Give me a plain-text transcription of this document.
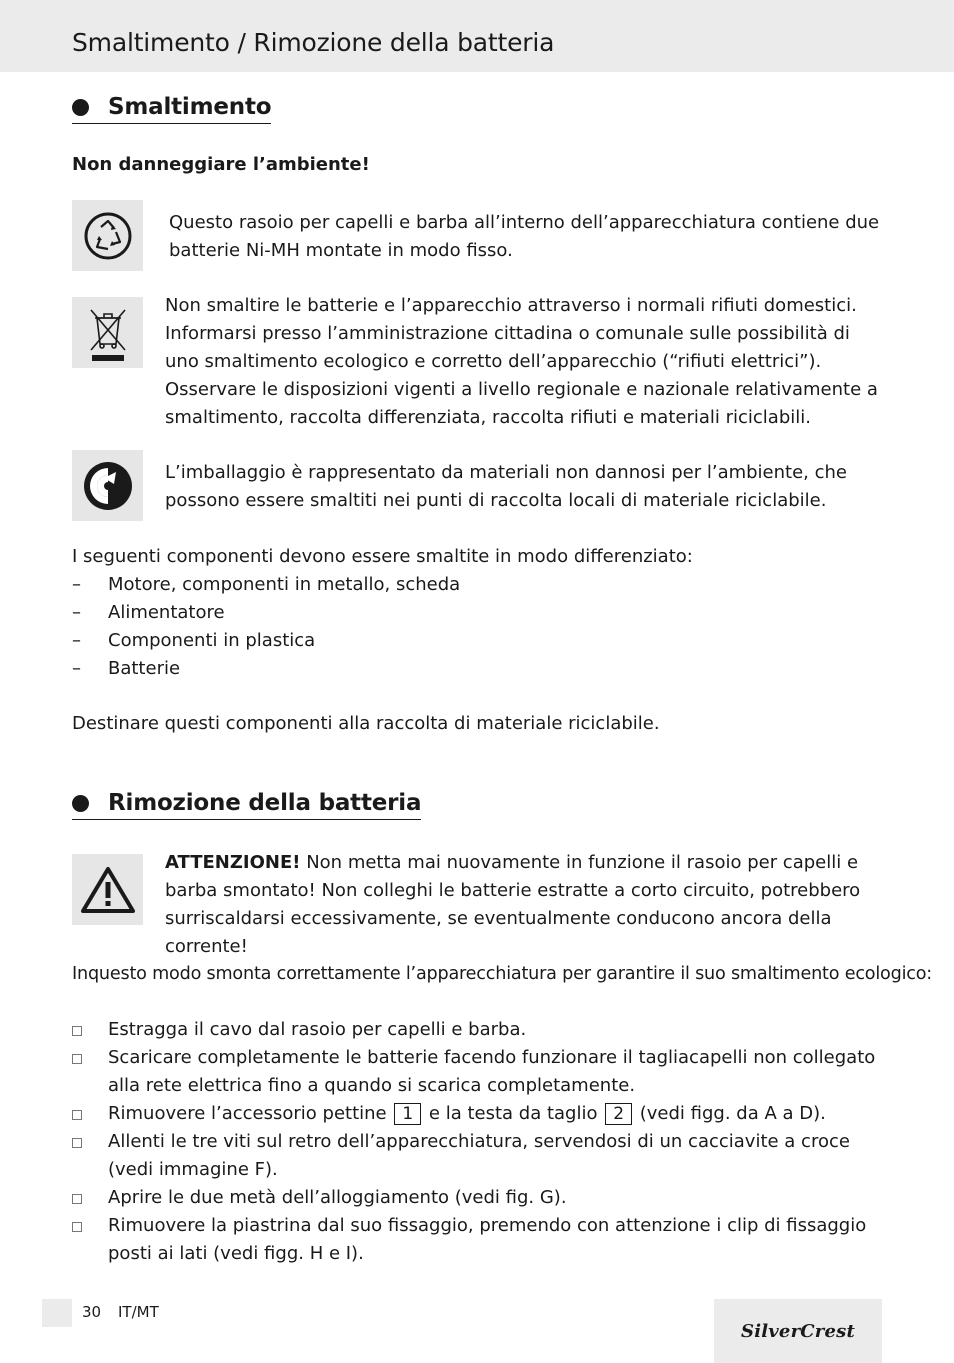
Smaltimento / Rimozione della batteria
Smaltimento
Non danneggiare l’ambiente!
Questo rasoio per capelli e barba all’interno dell’apparecchiatura contiene due batterie Ni-MH montate in modo fisso.
Non smaltire le batterie e l’apparecchio attraverso i normali rifiuti domestici. Informarsi presso l’amministrazione cittadina o comunale sulle possibilità di uno smaltimento ecologico e corretto dell’apparecchio (“rifiuti elettrici”). Osservare le disposizioni vigenti a livello regionale e nazionale relativamente a smaltimento, raccolta differenziata, raccolta rifiuti e materiali riciclabili.
L’imballaggio è rappresentato da materiali non dannosi per l’ambiente, che possono essere smaltiti nei punti di raccolta locali di materiale riciclabile.
I seguenti componenti devono essere smaltite in modo differenziato:
–	Motore, componenti in metallo, scheda
–	Alimentatore
–	Componenti in plastica
–	Batterie
Destinare questi componenti alla raccolta di materiale riciclabile.
Rimozione della batteria
ATTENZIONE! Non metta mai nuovamente in funzione il rasoio per capelli e barba smontato! Non colleghi le batterie estratte a corto circuito, potrebbero surriscaldarsi eccessivamente, se eventualmente conducono ancora della corrente!
Inquesto modo smonta correttamente l’apparecchiatura per garantire il suo smaltimento ecologico:
Estragga il cavo dal rasoio per capelli e barba.
Scaricare completamente le batterie facendo funzionare il tagliacapelli non collegato alla rete elettrica fino a quando si scarica completamente.
Rimuovere l’accessorio pettine 1 e la testa da taglio 2 (vedi figg. da A a D).
Allenti le tre viti sul retro dell’apparecchiatura, servendosi di un cacciavite a croce (vedi immagine F).
Aprire le due metà dell’alloggiamento (vedi fig. G).
Rimuovere la piastrina dal suo fissaggio, premendo con attenzione i clip di fissaggio posti ai lati (vedi figg. H e I).
30 IT/MT
SilverCrest
